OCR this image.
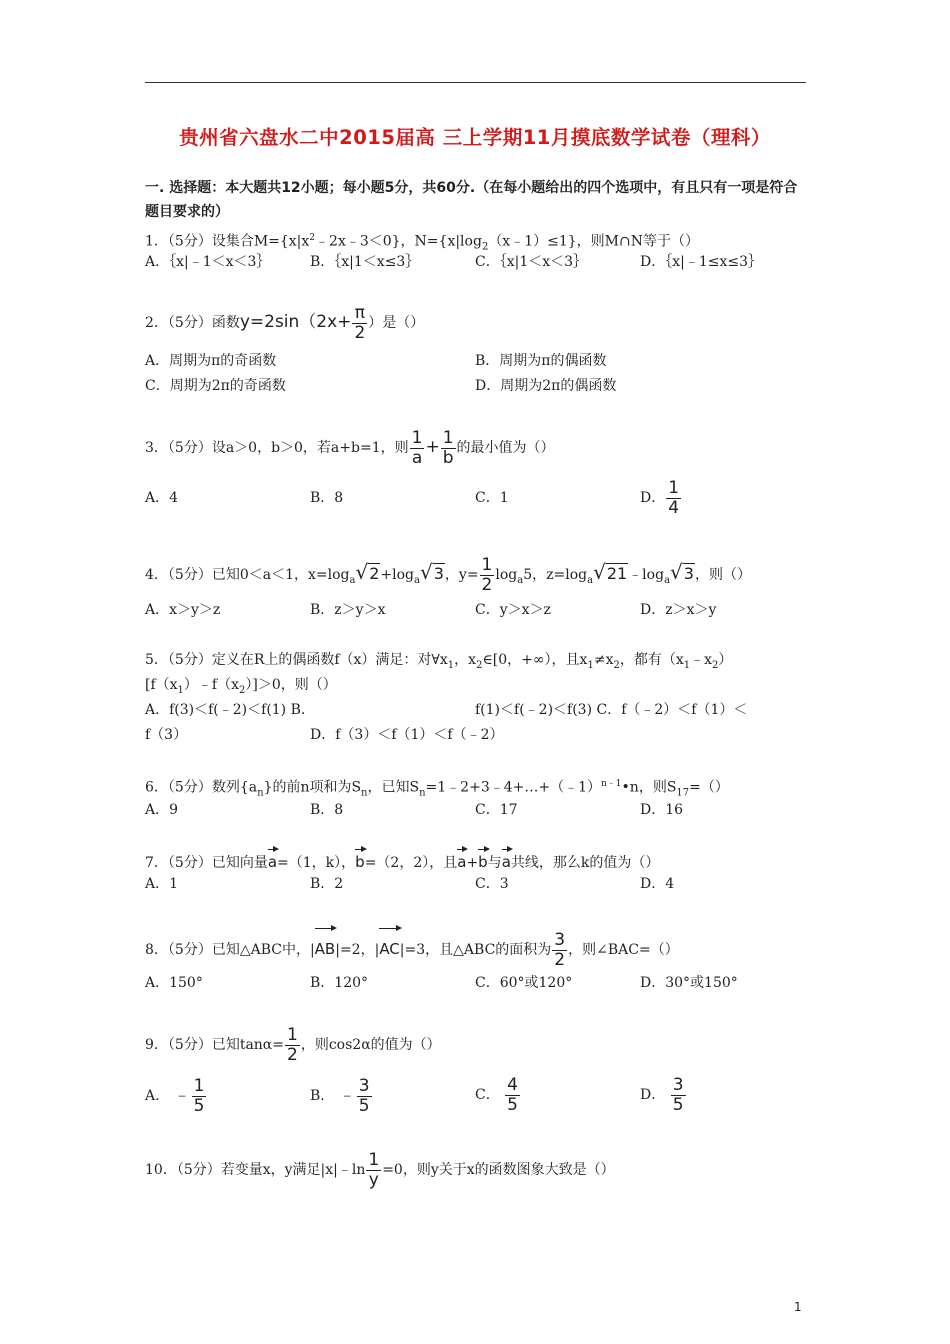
贵州省六盘水二中2015届高 三上学期11月摸底数学试卷（理科）
一. 选择题：本大题共12小题；每小题5分，共60分.（在每小题给出的四个选项中，有且只有一项是符合题目要求的）
1．（5分）设集合$M=\{x|x^2﹣2x﹣3<0\}$，$N=\{x|\log_2(x﹣1)\le 1\}$，则M∩N等于（）
A．｛x|﹣1＜x＜3｝	B．｛x|1＜x≤3｝	C．｛x|1＜x＜3｝	D．｛x|﹣1≤x≤3｝
2．（5分）函数$y=2\sin(2x+ \frac{\pi}{2}$ ）是（）
A．周期为π的奇函数	B．周期为π的偶函数
C．周期为2π的奇函数	D．周期为2π的偶函数
3．（5分）设a＞0，b＞0，若a+b=1，则 $\frac{1}{a} + \frac{1}{b}$ 的最小值为（）
A．4	B．8	C．1	D． $\frac{1}{4}$
4．（5分）已知0＜a＜1，$x=\log_a√2+\log_a√3$，$y= \frac{1}{2} \log_a5$，$z=\log_a√21﹣\log_a√3$，则（）
A．x＞y＞z	B．z＞y＞x	C．y＞x＞z	D．z＞x＞y
5．（5分）定义在R上的偶函数f（x）满足：对$\forall x_1$，$x_2\in[0$，+∞），且$x_1\ne x_2$，都有$(x_1﹣x_2)$
$[f(x_1)﹣f(x_2)]>0$，则（）
A．f(3)＜f(﹣2)＜f(1) B.	f(1)＜f(﹣2)＜f(3) C．f（﹣2）＜f（1）＜
f（3）	D．f（3）＜f（1）＜f（﹣2）
6．（5分）数列$\{a_n\}$的前n项和为$S_n$，已知$S_n=1﹣2+3﹣4+\dots+(﹣1)^{n﹣1}•n$，则$S_{17}=()$
A．9	B．8	C．17	D．16
7．（5分）已知向量a=（1，k），b=（2，2），且a+b与a共线，那么k的值为（）
A．1	B．2	C．3	D．4
8．（5分）已知△ABC中，|AB|=2，|AC|=3，且△ABC的面积为 $\frac{3}{2}$ ，则∠BAC=（）
A．150°	B．120°	C．60°或120°	D．30°或150°
9．（5分）已知$\tan\alpha= \frac{1}{2}$ ，则cos2α的值为（）
A． ﹣ $\frac{1}{5}$	B． ﹣ $\frac{3}{5}$	C． $\frac{4}{5}$	D． $\frac{3}{5}$
10．（5分）若变量x，y满足|x|﹣ln $\frac{1}{y} =0$，则y关于x的函数图象大致是（）
1
